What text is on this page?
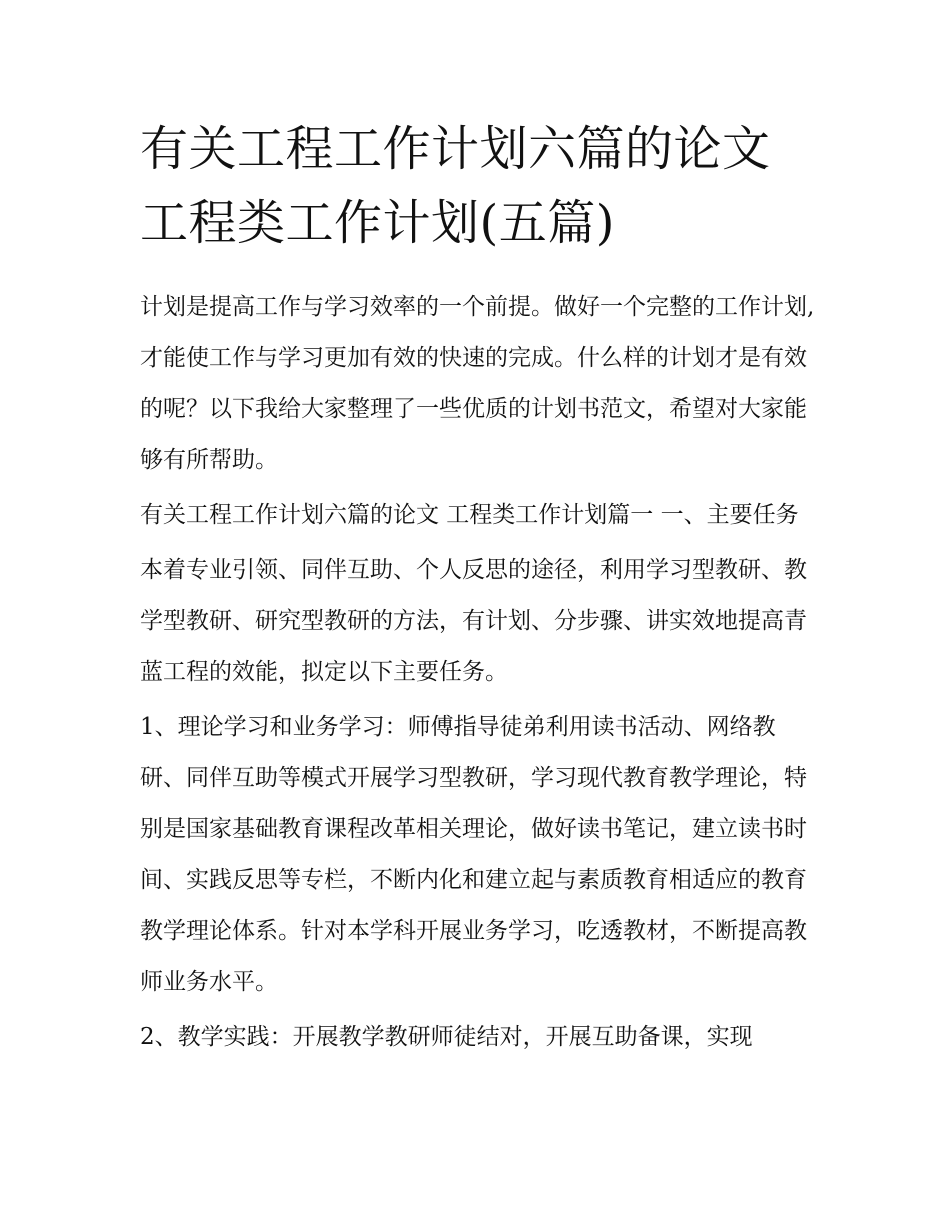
有关工程工作计划六篇的论文 工程类工作计划(五篇)

计划是提高工作与学习效率的一个前提。做好一个完整的工作计划,才能使工作与学习更加有效的快速的完成。什么样的计划才是有效的呢？以下我给大家整理了一些优质的计划书范文，希望对大家能够有所帮助。

有关工程工作计划六篇的论文 工程类工作计划篇一 一、主要任务

本着专业引领、同伴互助、个人反思的途径，利用学习型教研、教学型教研、研究型教研的方法，有计划、分步骤、讲实效地提高青蓝工程的效能，拟定以下主要任务。

1、理论学习和业务学习：师傅指导徒弟利用读书活动、网络教研、同伴互助等模式开展学习型教研，学习现代教育教学理论，特别是国家基础教育课程改革相关理论，做好读书笔记，建立读书时间、实践反思等专栏，不断内化和建立起与素质教育相适应的教育教学理论体系。针对本学科开展业务学习，吃透教材，不断提高教师业务水平。

2、教学实践：开展教学教研师徒结对，开展互助备课，实现
